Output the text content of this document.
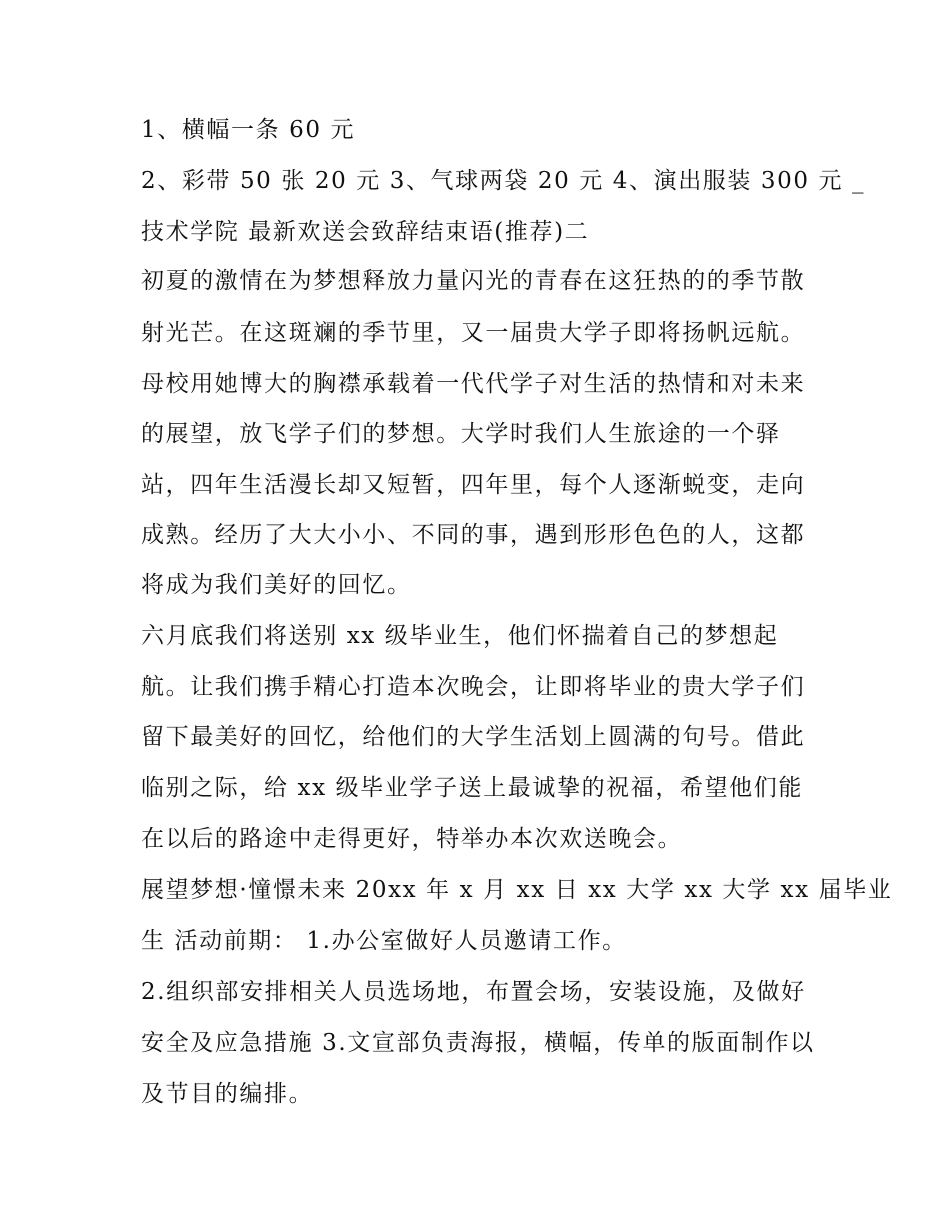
1、横幅一条 60 元
2、彩带 50 张 20 元 3、气球两袋 20 元 4、演出服装 300 元 _
技术学院 最新欢送会致辞结束语(推荐)二
初夏的激情在为梦想释放力量闪光的青春在这狂热的的季节散
射光芒。在这斑斓的季节里，又一届贵大学子即将扬帆远航。
母校用她博大的胸襟承载着一代代学子对生活的热情和对未来
的展望，放飞学子们的梦想。大学时我们人生旅途的一个驿
站，四年生活漫长却又短暂，四年里，每个人逐渐蜕变，走向
成熟。经历了大大小小、不同的事，遇到形形色色的人，这都
将成为我们美好的回忆。
六月底我们将送别 xx 级毕业生，他们怀揣着自己的梦想起
航。让我们携手精心打造本次晚会，让即将毕业的贵大学子们
留下最美好的回忆，给他们的大学生活划上圆满的句号。借此
临别之际，给 xx 级毕业学子送上最诚挚的祝福，希望他们能
在以后的路途中走得更好，特举办本次欢送晚会。
展望梦想·憧憬未来 20xx 年 x 月 xx 日 xx 大学 xx 大学 xx 届毕业
生 活动前期： 1.办公室做好人员邀请工作。
2.组织部安排相关人员选场地，布置会场，安装设施，及做好
安全及应急措施 3.文宣部负责海报，横幅，传单的版面制作以
及节目的编排。
